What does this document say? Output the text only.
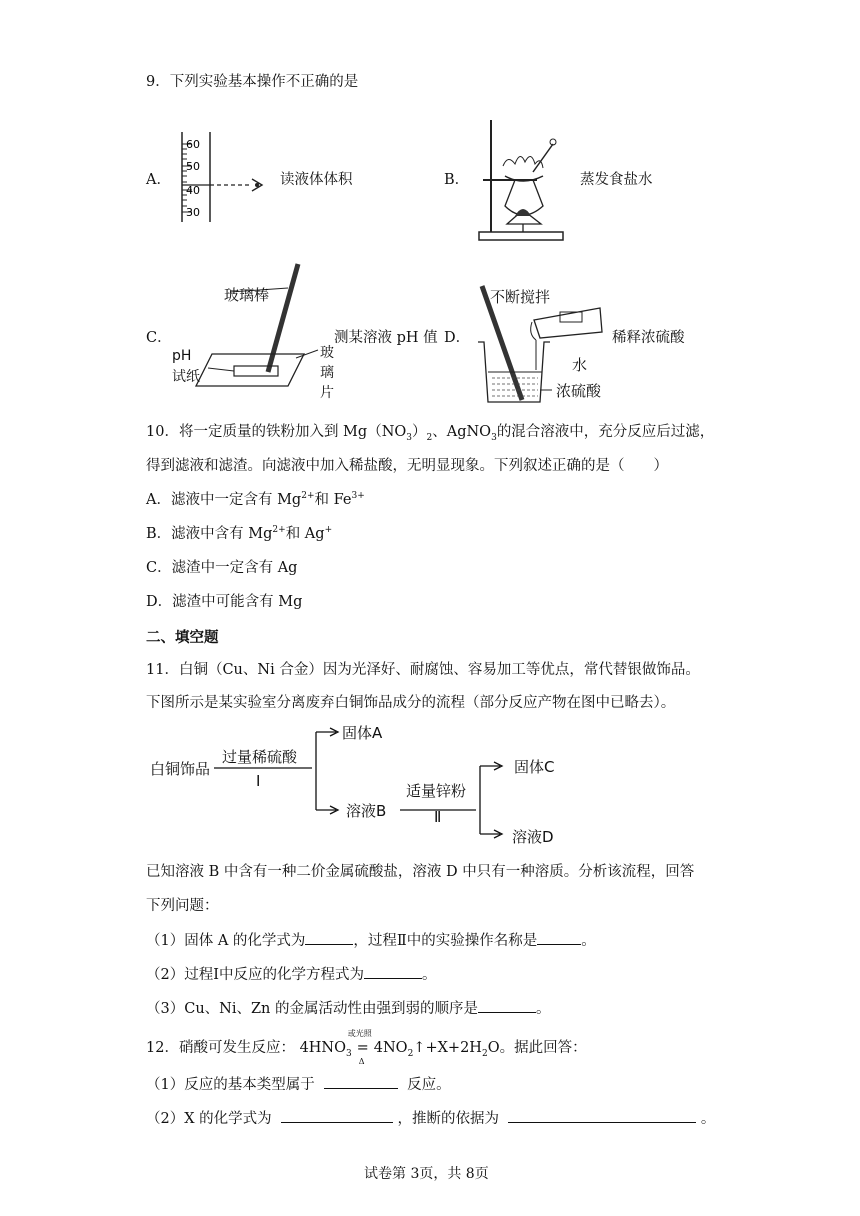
9．下列实验基本操作不正确的是
A．
60
50
40
30
读液体体积	B．	蒸发食盐水
C．
玻璃棒
pH
试纸
玻
璃
片
测某溶液 pH 值 D．
不断搅拌
水
浓硫酸
稀释浓硫酸
10．将一定质量的铁粉加入到 $Mg(NO_3)_2$、AgNO$_3$的混合溶液中，充分反应后过滤，
得到滤液和滤渣。向滤液中加入稀盐酸，无明显现象。下列叙述正确的是（　　）
A．滤液中一定含有 $Mg^{2+}$和 $Fe^{3+}$
B．滤液中含有 $Mg^{2+}$和 Ag+
C．滤渣中一定含有 Ag
D．滤渣中可能含有 Mg
二、填空题
11．白铜（Cu、Ni 合金）因为光泽好、耐腐蚀、容易加工等优点，常代替银做饰品。
下图所示是某实验室分离废弃白铜饰品成分的流程（部分反应产物在图中已略去）。
白铜饰品
过量稀硫酸
Ⅰ
固体A
溶液B
适量锌粉
Ⅱ
固体C
溶液D
已知溶液 B 中含有一种二价金属硫酸盐，溶液 D 中只有一种溶质。分析该流程，回答
下列问题：
（1）固体 A 的化学式为	，过程Ⅱ中的实验操作名称是	。
（2）过程Ⅰ中反应的化学方程式为	。
（3）Cu、Ni、Zn 的金属活动性由强到弱的顺序是	。
12．硝酸可发生反应： $4HNO_3$
或光照
=
Δ
$4NO_2↑+X+2H_2O$。据此回答：
（1）反应的基本类型属于	反应。
（2）X 的化学式为	，推断的依据为	。
试卷第 3页，共 8页
